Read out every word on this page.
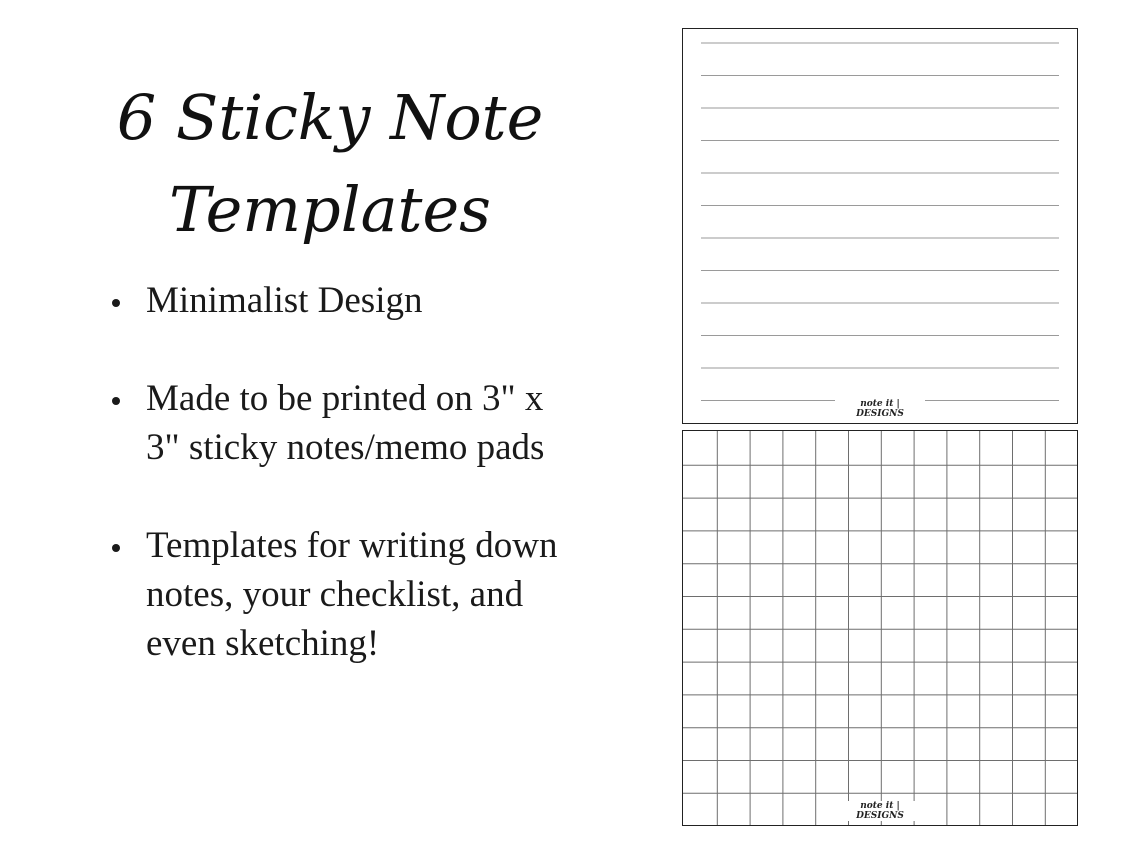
6 Sticky Note
Templates
Minimalist Design
Made to be printed on 3" x 3" sticky notes/memo pads
Templates for writing down notes, your checklist, and even sketching!
note it | DESIGNS
note it | DESIGNS
